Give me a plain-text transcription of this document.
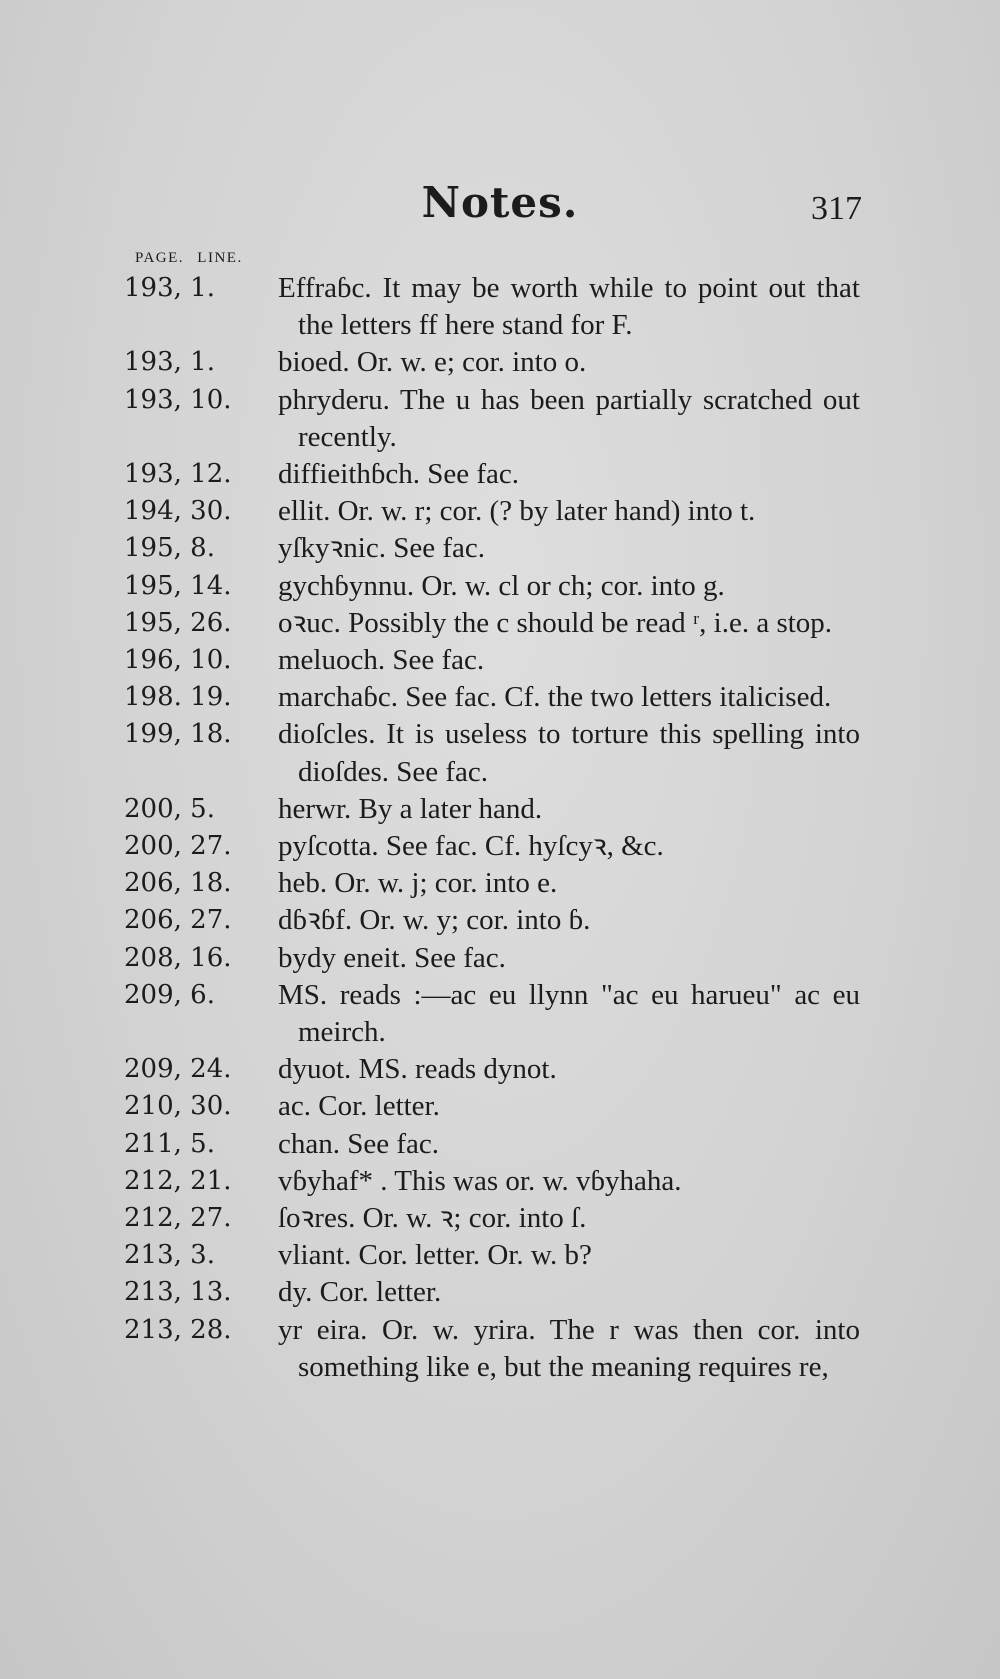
Notes.	317
PAGE. LINE.
193, 1. Effraɓc. It may be worth while to point out that the letters ff here stand for F.
193, 1. bioed. Or. w. e; cor. into o.
193, 10. phryderu. The u has been partially scratched out recently.
193, 12. diffieithɓch. See fac.
194, 30. ellit. Or. w. r; cor. (? by later hand) into t.
195, 8. yſkyꝛnic. See fac.
195, 14. gychɓynnu. Or. w. cl or ch; cor. into g.
195, 26. oꝛuc. Possibly the c should be read ʳ, i.e. a stop.
196, 10. meluoch. See fac.
198. 19. marchaɓc. See fac. Cf. the two letters italicised.
199, 18. dioſcles. It is useless to torture this spelling into dioſdes. See fac.
200, 5. herwr. By a later hand.
200, 27. pyſcotta. See fac. Cf. hyſcyꝛ, &c.
206, 18. heb. Or. w. j; cor. into e.
206, 27. dɓꝛɓf. Or. w. y; cor. into ɓ.
208, 16. bydy eneit. See fac.
209, 6. MS. reads :—ac eu llynn "ac eu harueu" ac eu meirch.
209, 24. dyuot. MS. reads dynot.
210, 30. ac. Cor. letter.
211, 5. chan. See fac.
212, 21. vɓyhaf* . This was or. w. vɓyhaha.
212, 27. ſoꝛres. Or. w. ꝛ; cor. into ſ.
213, 3. vliant. Cor. letter. Or. w. b?
213, 13. dy. Cor. letter.
213, 28. yr eira. Or. w. yrira. The r was then cor. into something like e, but the meaning requires re,
